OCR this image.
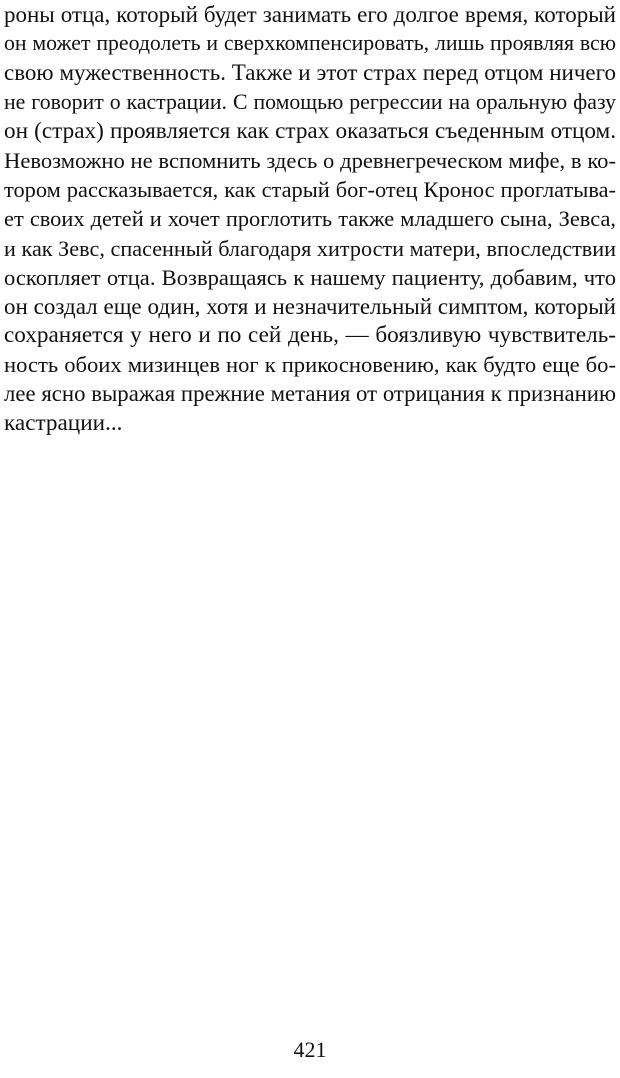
роны отца, который будет занимать его долгое время, который
он может преодолеть и сверхкомпенсировать, лишь проявляя всю
свою мужественность. Также и этот страх перед отцом ничего
не говорит о кастрации. С помощью регрессии на оральную фазу
он (страх) проявляется как страх оказаться съеденным отцом.
Невозможно не вспомнить здесь о древнегреческом мифе, в ко-
тором рассказывается, как старый бог-отец Кронос проглатыва-
ет своих детей и хочет проглотить также младшего сына, Зевса,
и как Зевс, спасенный благодаря хитрости матери, впоследствии
оскопляет отца. Возвращаясь к нашему пациенту, добавим, что
он создал еще один, хотя и незначительный симптом, который
сохраняется у него и по сей день, — боязливую чувствитель-
ность обоих мизинцев ног к прикосновению, как будто еще бо-
лее ясно выражая прежние метания от отрицания к признанию
кастрации...
421
